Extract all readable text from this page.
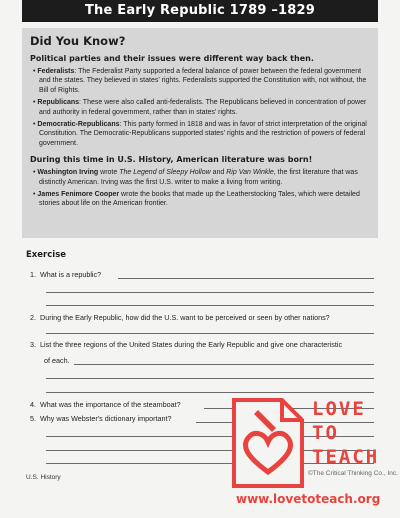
The Early Republic 1789 –1829
Did You Know?
Political parties and their issues were different way back then.
• Federalists: The Federalist Party supported a federal balance of power between the federal government and the states. They believed in states' rights. Federalists supported the Constitution with, not without, the Bill of Rights.
• Republicans: These were also called anti-federalists. The Republicans believed in concentration of power and authority in federal government, rather than in states' rights.
• Democratic-Republicans: This party formed in 1818 and was in favor of strict interpretation of the original Constitution. The Democratic-Republicans supported states' rights and the restriction of powers of federal government.
During this time in U.S. History, American literature was born!
• Washington Irving wrote The Legend of Sleepy Hollow and Rip Van Winkle, the first literature that was distinctly American. Irving was the first U.S. writer to make a living from writing.
• James Fenimore Cooper wrote the books that made up the Leatherstocking Tales, which were detailed stories about life on the American frontier.
Exercise
1. What is a republic?
2. During the Early Republic, how did the U.S. want to be perceived or seen by other nations?
3. List the three regions of the United States during the Early Republic and give one characteristic
of each.
4. What was the importance of the steamboat?
5. Why was Webster's dictionary important?
U.S. History
©The Critical Thinking Co., Inc.
LOVE
TO
TEACH
www.lovetoteach.org
